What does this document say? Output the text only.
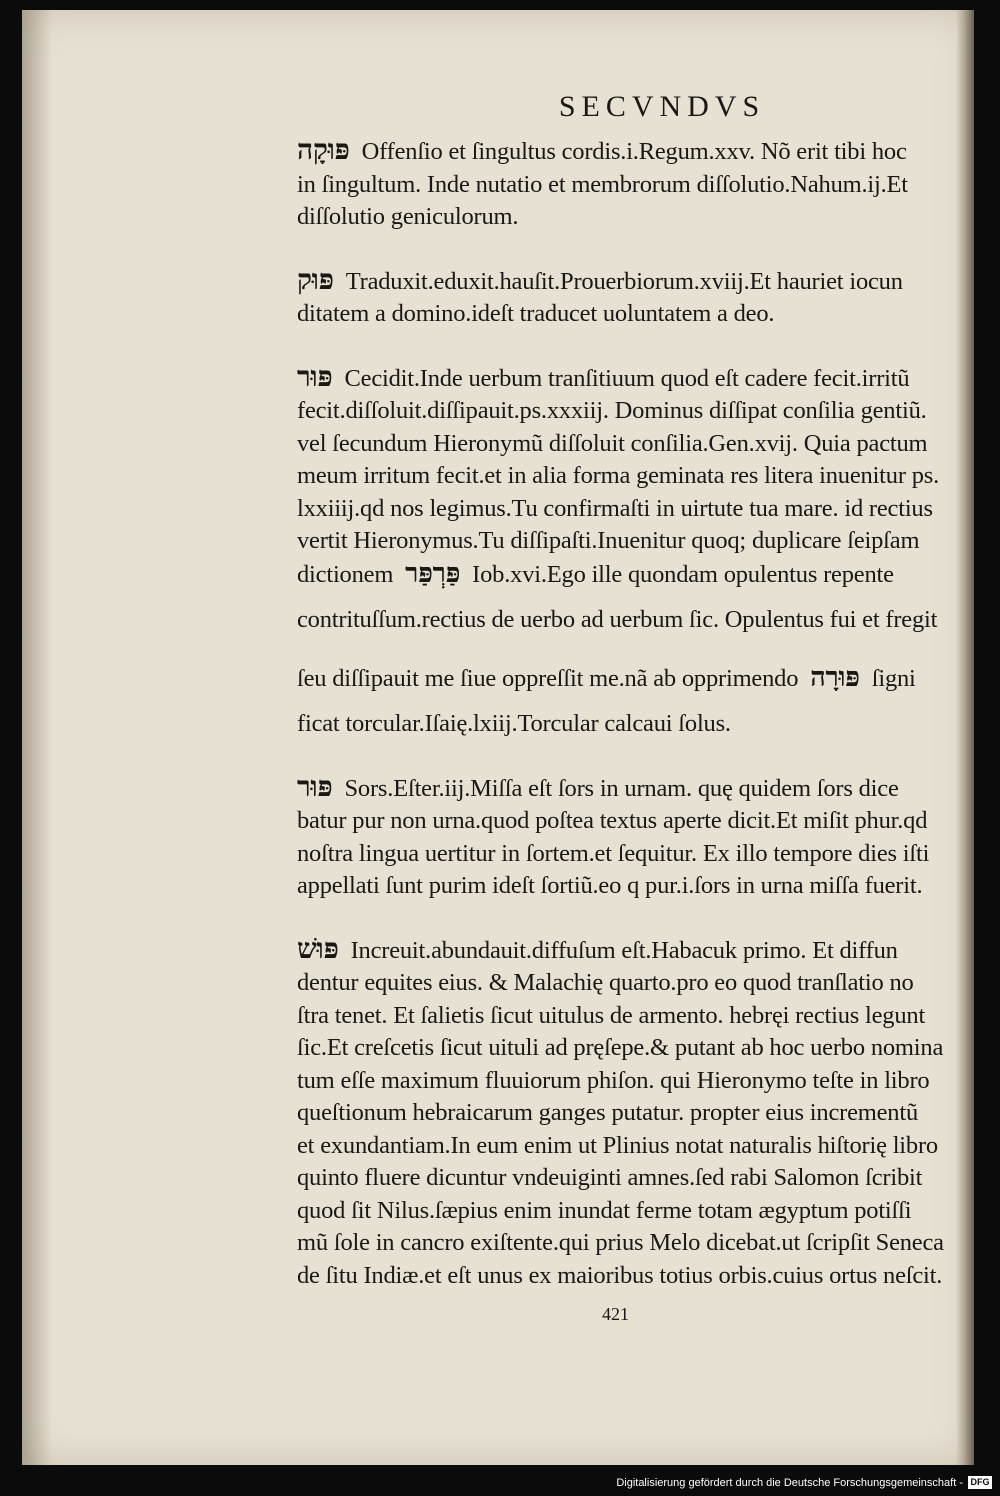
SECVNDVS
פּוּקָה Offenſio et ſingultus cordis.i.Regum.xxv. Nõ erit tibi hoc
in ſingultum. Inde nutatio et membrorum diſſolutio.Nahum.ij.Et
diſſolutio geniculorum.
פּוּק Traduxit.eduxit.hauſit.Prouerbiorum.xviij.Et hauriet iocun
ditatem a domino.ideſt traducet uoluntatem a deo.
פּוּר Cecidit.Inde uerbum tranſitiuum quod eſt cadere fecit.irritũ
fecit.diſſoluit.diſſipauit.ps.xxxiij. Dominus diſſipat conſilia gentiũ.
vel ſecundum Hieronymũ diſſoluit conſilia.Gen.xvij. Quia pactum
meum irritum fecit.et in alia forma geminata res litera inuenitur ps.
lxxiiij.qd nos legimus.Tu confirmaſti in uirtute tua mare. id rectius
vertit Hieronymus.Tu diſſipaſti.Inuenitur quoq; duplicare ſeipſam
dictionem פַּרְפַּר Iob.xvi.Ego ille quondam opulentus repente
contrituſſum.rectius de uerbo ad uerbum ſic. Opulentus fui et fregit
ſeu diſſipauit me ſiue oppreſſit me.nã ab opprimendo פּוּרָה ſigni
ficat torcular.Iſaię.lxiij.Torcular calcaui ſolus.
פּוּר Sors.Eſter.iij.Miſſa eſt ſors in urnam. quę quidem ſors dice
batur pur non urna.quod poſtea textus aperte dicit.Et miſit phur.qd
noſtra lingua uertitur in ſortem.et ſequitur. Ex illo tempore dies iſti
appellati ſunt purim ideſt ſortiũ.eo q pur.i.ſors in urna miſſa fuerit.
פּוּשׁ Increuit.abundauit.diffuſum eſt.Habacuk primo. Et diffun
dentur equites eius. & Malachię quarto.pro eo quod tranſlatio no
ſtra tenet. Et ſalietis ſicut uitulus de armento. hebręi rectius legunt
ſic.Et creſcetis ſicut uituli ad pręſepe.& putant ab hoc uerbo nomina
tum eſſe maximum fluuiorum phiſon. qui Hieronymo teſte in libro
queſtionum hebraicarum ganges putatur. propter eius incrementũ
et exundantiam.In eum enim ut Plinius notat naturalis hiſtorię libro
quinto fluere dicuntur vndeuiginti amnes.ſed rabi Salomon ſcribit
quod ſit Nilus.ſæpius enim inundat ferme totam ægyptum potiſſi
mũ ſole in cancro exiſtente.qui prius Melo dicebat.ut ſcripſit Seneca
de ſitu Indiæ.et eſt unus ex maioribus totius orbis.cuius ortus neſcit.
421
Digitalisierung gefördert durch die Deutsche Forschungsgemeinschaft - DFG
